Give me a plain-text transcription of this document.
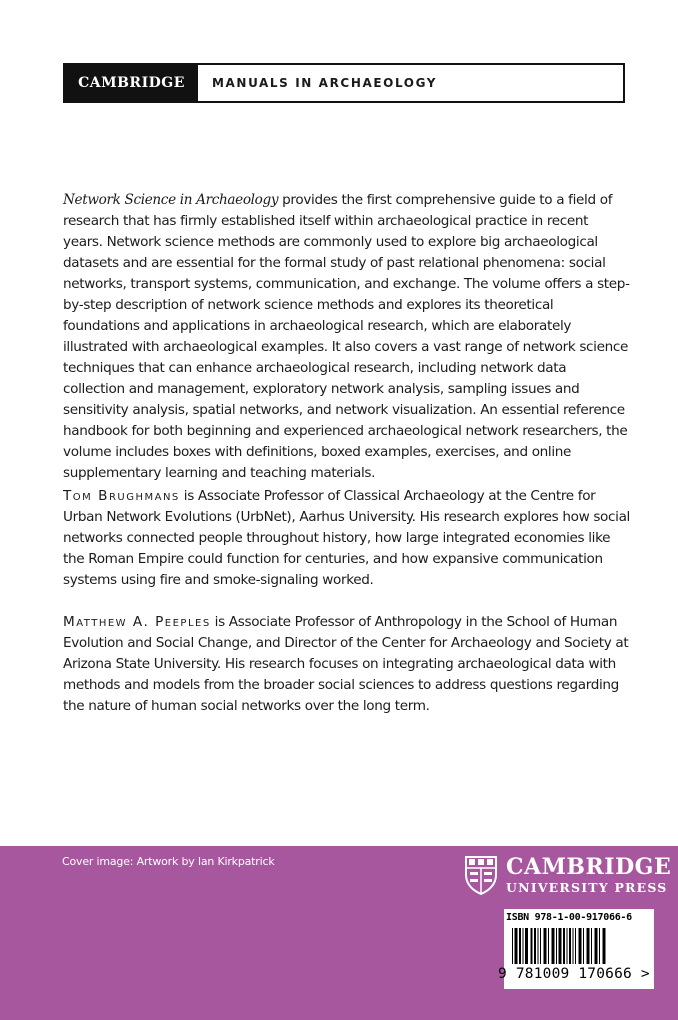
CAMBRIDGE	MANUALS IN ARCHAEOLOGY

Network Science in Archaeology provides the first comprehensive guide to a field of research that has firmly established itself within archaeological practice in recent years. Network science methods are commonly used to explore big archaeological datasets and are essential for the formal study of past relational phenomena: social networks, transport systems, communication, and exchange. The volume offers a step-by-step description of network science methods and explores its theoretical foundations and applications in archaeological research, which are elaborately illustrated with archaeological examples. It also covers a vast range of network science techniques that can enhance archaeological research, including network data collection and management, exploratory network analysis, sampling issues and sensitivity analysis, spatial networks, and network visualization. An essential reference handbook for both beginning and experienced archaeological network researchers, the volume includes boxes with definitions, boxed examples, exercises, and online supplementary learning and teaching materials.

Tom Brughmans is Associate Professor of Classical Archaeology at the Centre for Urban Network Evolutions (UrbNet), Aarhus University. His research explores how social networks connected people throughout history, how large integrated economies like the Roman Empire could function for centuries, and how expansive communication systems using fire and smoke-signaling worked.

Matthew A. Peeples is Associate Professor of Anthropology in the School of Human Evolution and Social Change, and Director of the Center for Archaeology and Society at Arizona State University. His research focuses on integrating archaeological data with methods and models from the broader social sciences to address questions regarding the nature of human social networks over the long term.

Cover image: Artwork by Ian Kirkpatrick	CAMBRIDGE
UNIVERSITY PRESS
ISBN 978-1-00-917066-6
9 781009 170666 >
